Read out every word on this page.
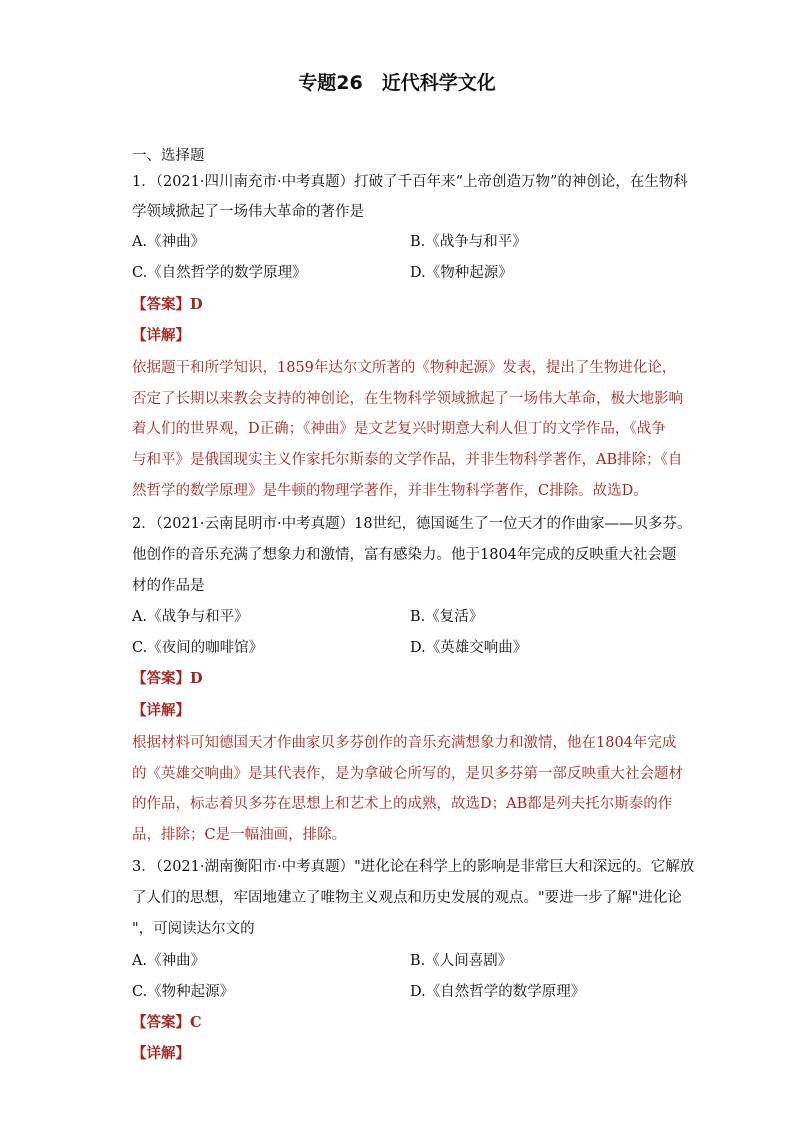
专题26　近代科学文化
一、选择题
1．（2021·四川南充市·中考真题）打破了千百年来“上帝创造万物”的神创论，在生物科
学领域掀起了一场伟大革命的著作是
A.《神曲》	B.《战争与和平》
C.《自然哲学的数学原理》	D.《物种起源》
【答案】D
【详解】
依据题干和所学知识，1859年达尔文所著的《物种起源》发表，提出了生物进化论，
否定了长期以来教会支持的神创论，在生物科学领域掀起了一场伟大革命，极大地影响
着人们的世界观，D正确；《神曲》是文艺复兴时期意大利人但丁的文学作品，《战争
与和平》是俄国现实主义作家托尔斯泰的文学作品，并非生物科学著作，AB排除；《自
然哲学的数学原理》是牛顿的物理学著作，并非生物科学著作，C排除。故选D。
2．（2021·云南昆明市·中考真题）18世纪，德国诞生了一位天才的作曲家——贝多芬。
他创作的音乐充满了想象力和激情，富有感染力。他于1804年完成的反映重大社会题
材的作品是
A.《战争与和平》	B.《复活》
C.《夜间的咖啡馆》	D.《英雄交响曲》
【答案】D
【详解】
根据材料可知德国天才作曲家贝多芬创作的音乐充满想象力和激情，他在1804年完成
的《英雄交响曲》是其代表作，是为拿破仑所写的，是贝多芬第一部反映重大社会题材
的作品，标志着贝多芬在思想上和艺术上的成熟，故选D；AB都是列夫托尔斯泰的作
品，排除；C是一幅油画，排除。
3．（2021·湖南衡阳市·中考真题）"进化论在科学上的影响是非常巨大和深远的。它解放
了人们的思想，牢固地建立了唯物主义观点和历史发展的观点。"要进一步了解"进化论
"，可阅读达尔文的
A.《神曲》	B.《人间喜剧》
C.《物种起源》	D.《自然哲学的数学原理》
【答案】C
【详解】
